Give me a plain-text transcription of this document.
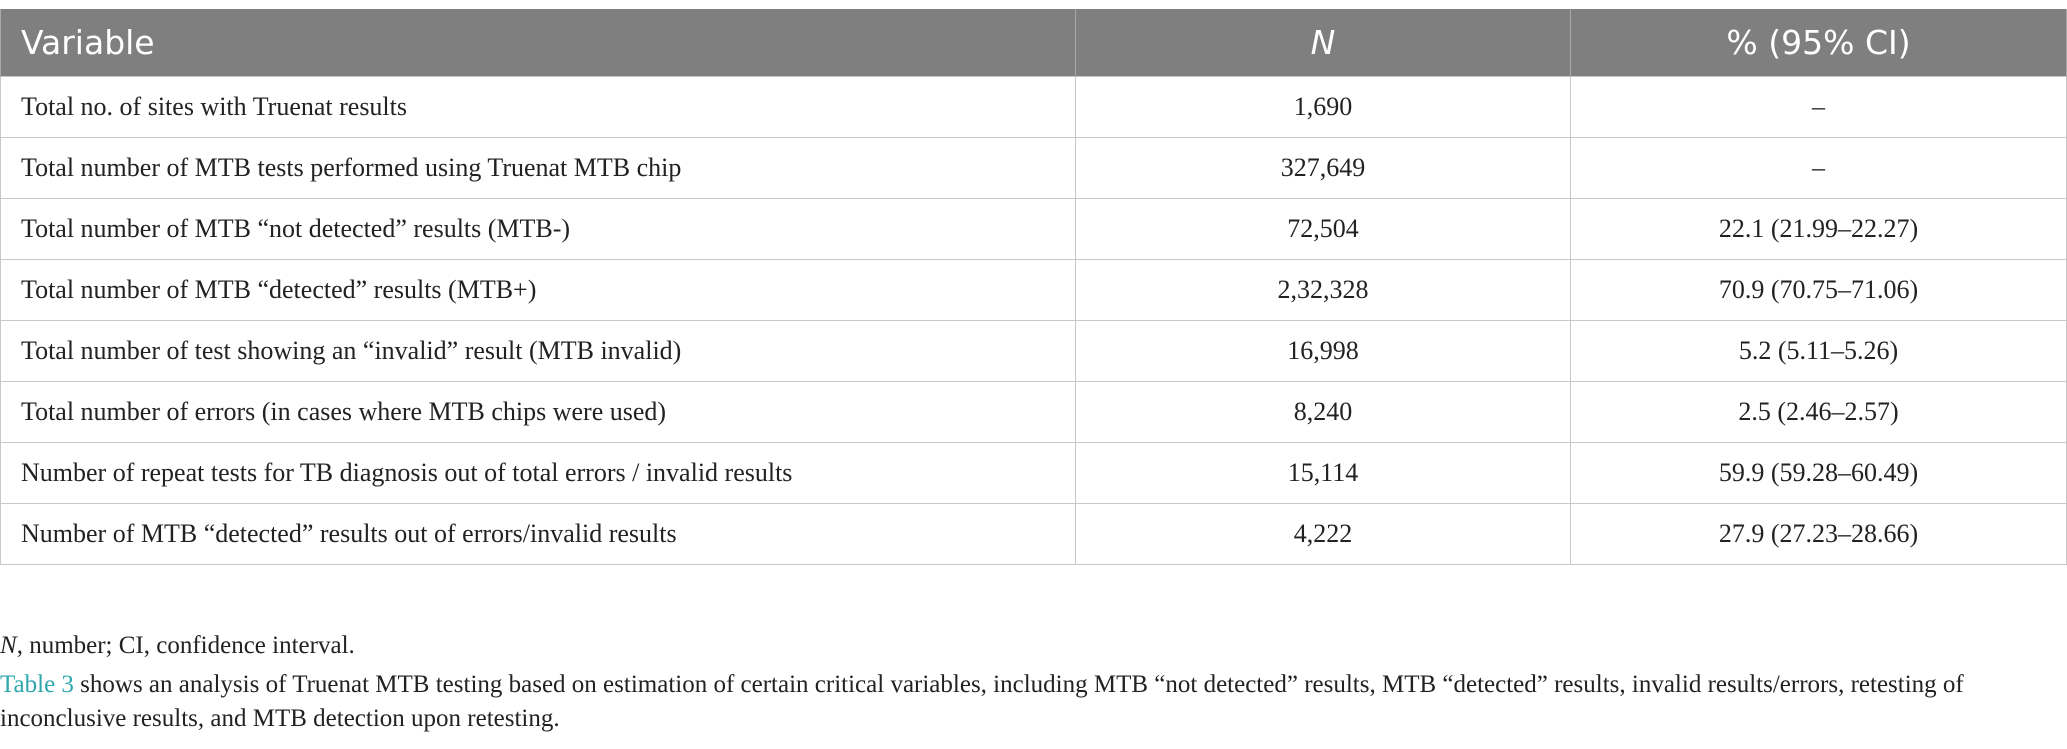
Variable	N	% (95% CI)
Total no. of sites with Truenat results	1,690	–
Total number of MTB tests performed using Truenat MTB chip	327,649	–
Total number of MTB “not detected” results (MTB-)	72,504	22.1 (21.99–22.27)
Total number of MTB “detected” results (MTB+)	2,32,328	70.9 (70.75–71.06)
Total number of test showing an “invalid” result (MTB invalid)	16,998	5.2 (5.11–5.26)
Total number of errors (in cases where MTB chips were used)	8,240	2.5 (2.46–2.57)
Number of repeat tests for TB diagnosis out of total errors / invalid results	15,114	59.9 (59.28–60.49)
Number of MTB “detected” results out of errors/invalid results	4,222	27.9 (27.23–28.66)
N, number; CI, confidence interval.
Table 3 shows an analysis of Truenat MTB testing based on estimation of certain critical variables, including MTB “not detected” results, MTB “detected” results, invalid results/errors, retesting of inconclusive results, and MTB detection upon retesting.
